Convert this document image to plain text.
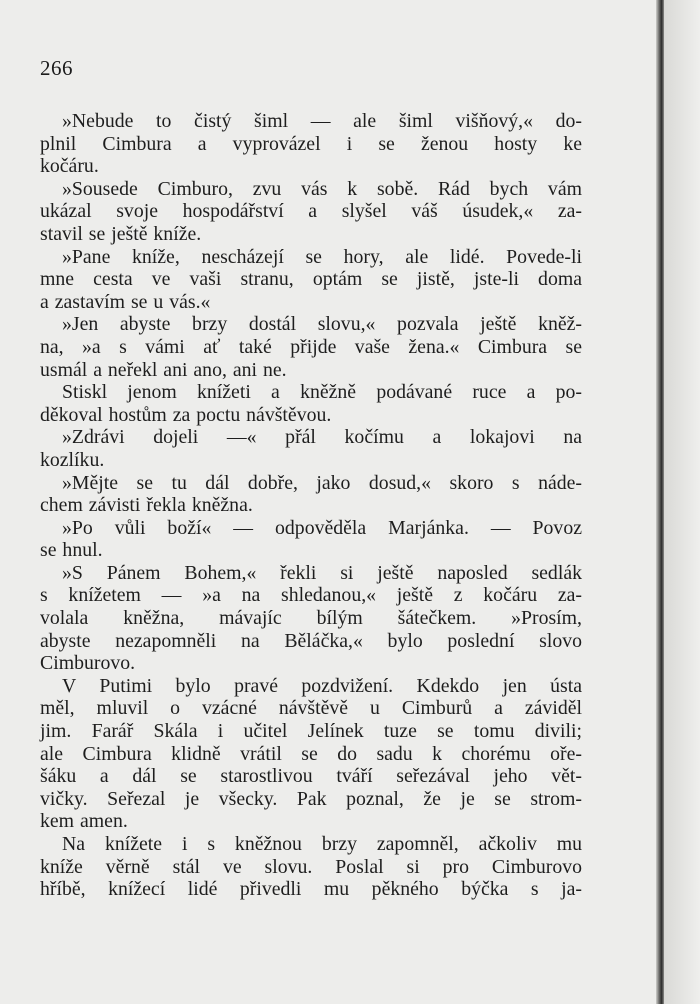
266
»Nebude to čistý šiml — ale šiml višňový,« do-
plnil Cimbura a vyprovázel i se ženou hosty ke
kočáru.
»Sousede Cimburo, zvu vás k sobě. Rád bych vám
ukázal svoje hospodářství a slyšel váš úsudek,« za-
stavil se ještě kníže.
»Pane kníže, nescházejí se hory, ale lidé. Povede-li
mne cesta ve vaši stranu, optám se jistě, jste-li doma
a zastavím se u vás.«
»Jen abyste brzy dostál slovu,« pozvala ještě kněž-
na, »a s vámi ať také přijde vaše žena.« Cimbura se
usmál a neřekl ani ano, ani ne.
Stiskl jenom knížeti a kněžně podávané ruce a po-
děkoval hostům za poctu návštěvou.
»Zdrávi dojeli —« přál kočímu a lokajovi na
kozlíku.
»Mějte se tu dál dobře, jako dosud,« skoro s náde-
chem závisti řekla kněžna.
»Po vůli boží« — odpověděla Marjánka. — Povoz
se hnul.
»S Pánem Bohem,« řekli si ještě naposled sedlák
s knížetem — »a na shledanou,« ještě z kočáru za-
volala kněžna, mávajíc bílým šátečkem. »Prosím,
abyste nezapomněli na Běláčka,« bylo poslední slovo
Cimburovo.
V Putimi bylo pravé pozdvižení. Kdekdo jen ústa
měl, mluvil o vzácné návštěvě u Cimburů a záviděl
jim. Farář Skála i učitel Jelínek tuze se tomu divili;
ale Cimbura klidně vrátil se do sadu k chorému oře-
šáku a dál se starostlivou tváří seřezával jeho vět-
vičky. Seřezal je všecky. Pak poznal, že je se strom-
kem amen.
Na knížete i s kněžnou brzy zapomněl, ačkoliv mu
kníže věrně stál ve slovu. Poslal si pro Cimburovo
hříbě, knížecí lidé přivedli mu pěkného býčka s ja-
